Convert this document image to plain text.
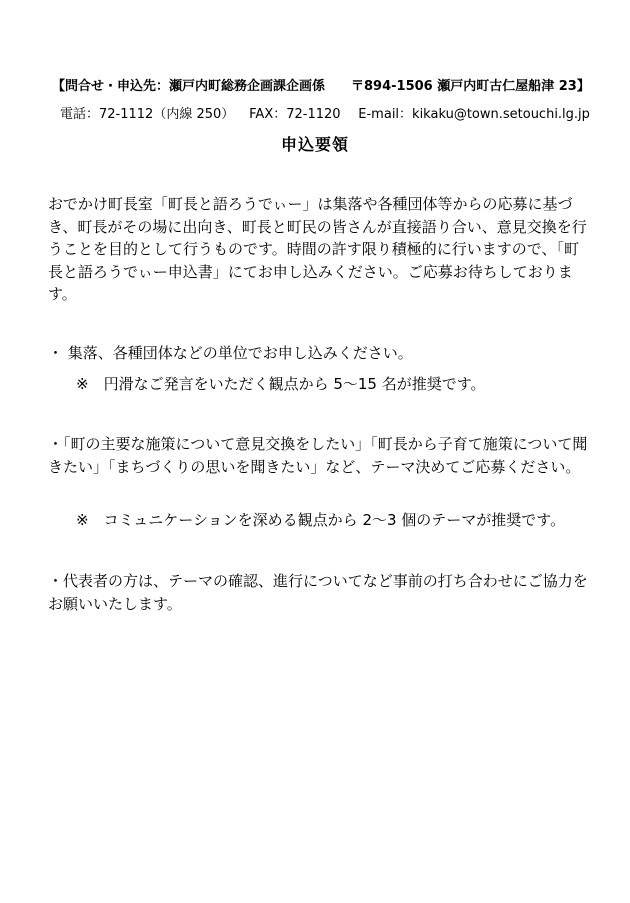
【問合せ・申込先：瀬戸内町総務企画課企画係　　〒894-1506 瀬戸内町古仁屋船津 23】
電話：72-1112（内線 250） FAX：72-1120 E-mail：kikaku@town.setouchi.lg.jp
申込要領
おでかけ町長室「町長と語ろうでぃー」は集落や各種団体等からの応募に基づき、町長がその場に出向き、町長と町民の皆さんが直接語り合い、意見交換を行うことを目的として行うものです。時間の許す限り積極的に行いますので、「町長と語ろうでぃー申込書」にてお申し込みください。ご応募お待ちしております。
・ 集落、各種団体などの単位でお申し込みください。
※　円滑なご発言をいただく観点から 5〜15 名が推奨です。
・「町の主要な施策について意見交換をしたい」「町長から子育て施策について聞きたい」「まちづくりの思いを聞きたい」など、テーマ決めてご応募ください。
※　コミュニケーションを深める観点から 2〜3 個のテーマが推奨です。
・代表者の方は、テーマの確認、進行についてなど事前の打ち合わせにご協力をお願いいたします。
